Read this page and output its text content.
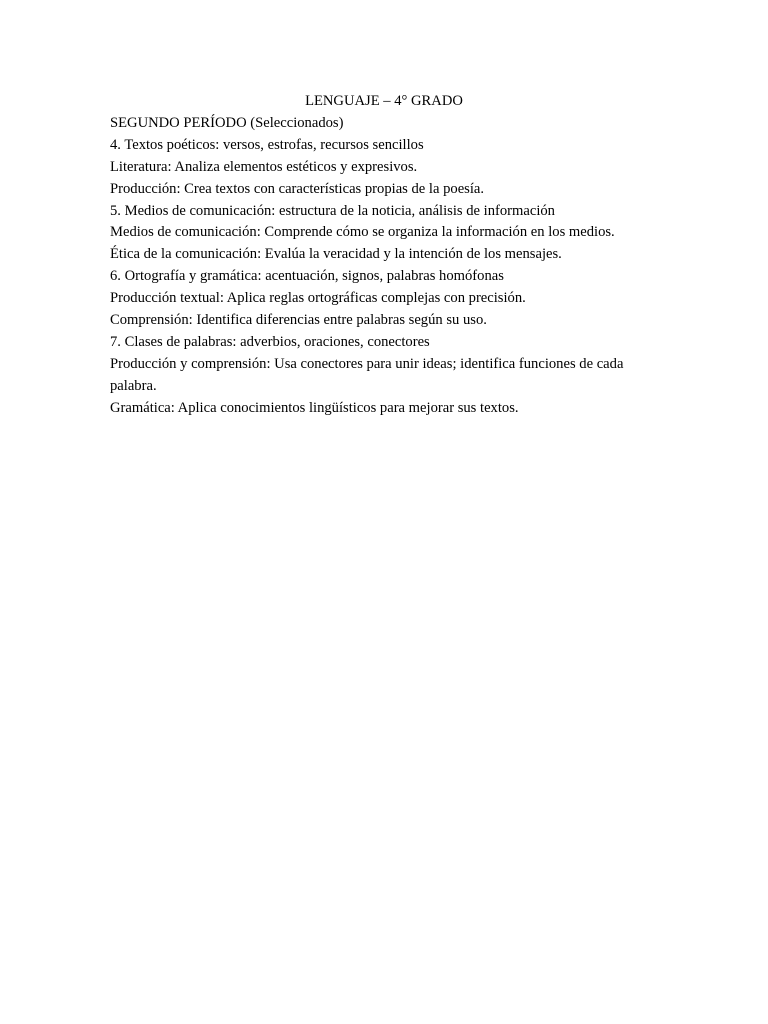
LENGUAJE – 4° GRADO

SEGUNDO PERÍODO (Seleccionados)

4. Textos poéticos: versos, estrofas, recursos sencillos

Literatura: Analiza elementos estéticos y expresivos.

Producción: Crea textos con características propias de la poesía.

5. Medios de comunicación: estructura de la noticia, análisis de información

Medios de comunicación: Comprende cómo se organiza la información en los medios.

Ética de la comunicación: Evalúa la veracidad y la intención de los mensajes.

6. Ortografía y gramática: acentuación, signos, palabras homófonas

Producción textual: Aplica reglas ortográficas complejas con precisión.

Comprensión: Identifica diferencias entre palabras según su uso.

7. Clases de palabras: adverbios, oraciones, conectores

Producción y comprensión: Usa conectores para unir ideas; identifica funciones de cada palabra.

Gramática: Aplica conocimientos lingüísticos para mejorar sus textos.
